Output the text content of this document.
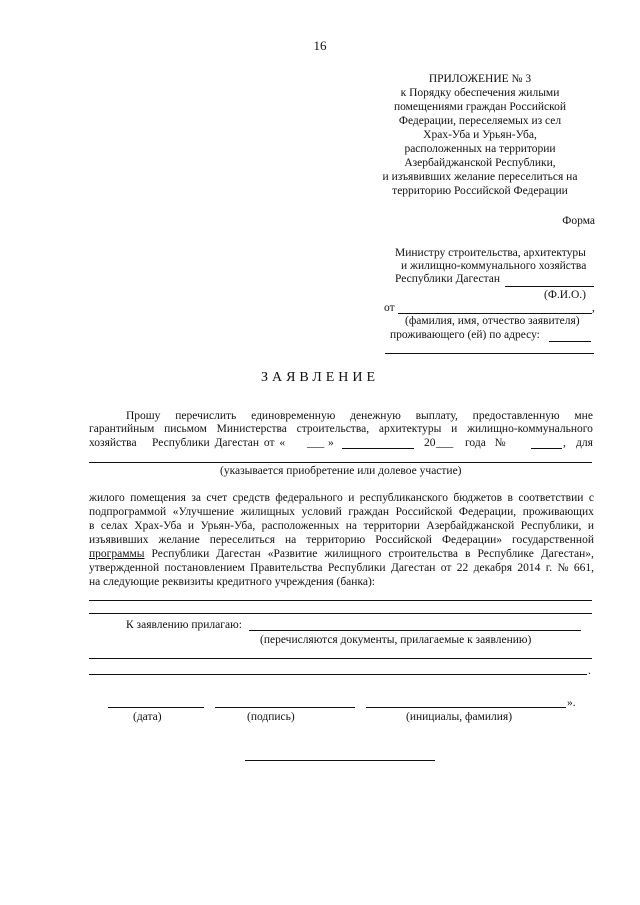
16
ПРИЛОЖЕНИЕ № 3
к Порядку обеспечения жилыми
помещениями граждан Российской
Федерации, переселяемых из сел
Храх-Уба и Урьян-Уба,
расположенных на территории
Азербайджанской Республики,
и изъявивших желание переселиться на
территорию Российской Федерации
Форма
Министру строительства, архитектуры
и жилищно-коммунального хозяйства
Республики Дагестан
(Ф.И.О.)
от	,
(фамилия, имя, отчество заявителя)
проживающего (ей) по адресу:
ЗАЯВЛЕНИЕ
Прошу перечислить единовременную денежную выплату, предоставленную мне
гарантийным письмом Министерства строительства, архитектуры и жилищно-коммунального
хозяйства Республики Дагестан от « ___ »	20 ___ года №	, для
(указывается приобретение или долевое участие)
жилого помещения за счет средств федерального и республиканского бюджетов в соответствии с
подпрограммой «Улучшение жилищных условий граждан Российской Федерации, проживающих
в селах Храх-Уба и Урьян-Уба, расположенных на территории Азербайджанской Республики, и
изъявивших желание переселиться на территорию Российской Федерации» государственной
программы Республики Дагестан «Развитие жилищного строительства в Республике Дагестан»,
утвержденной постановлением Правительства Республики Дагестан от 22 декабря 2014 г. № 661,
на следующие реквизиты кредитного учреждения (банка):
К заявлению прилагаю:
(перечисляются документы, прилагаемые к заявлению)
.
».
(дата)	(подпись)	(инициалы, фамилия)
